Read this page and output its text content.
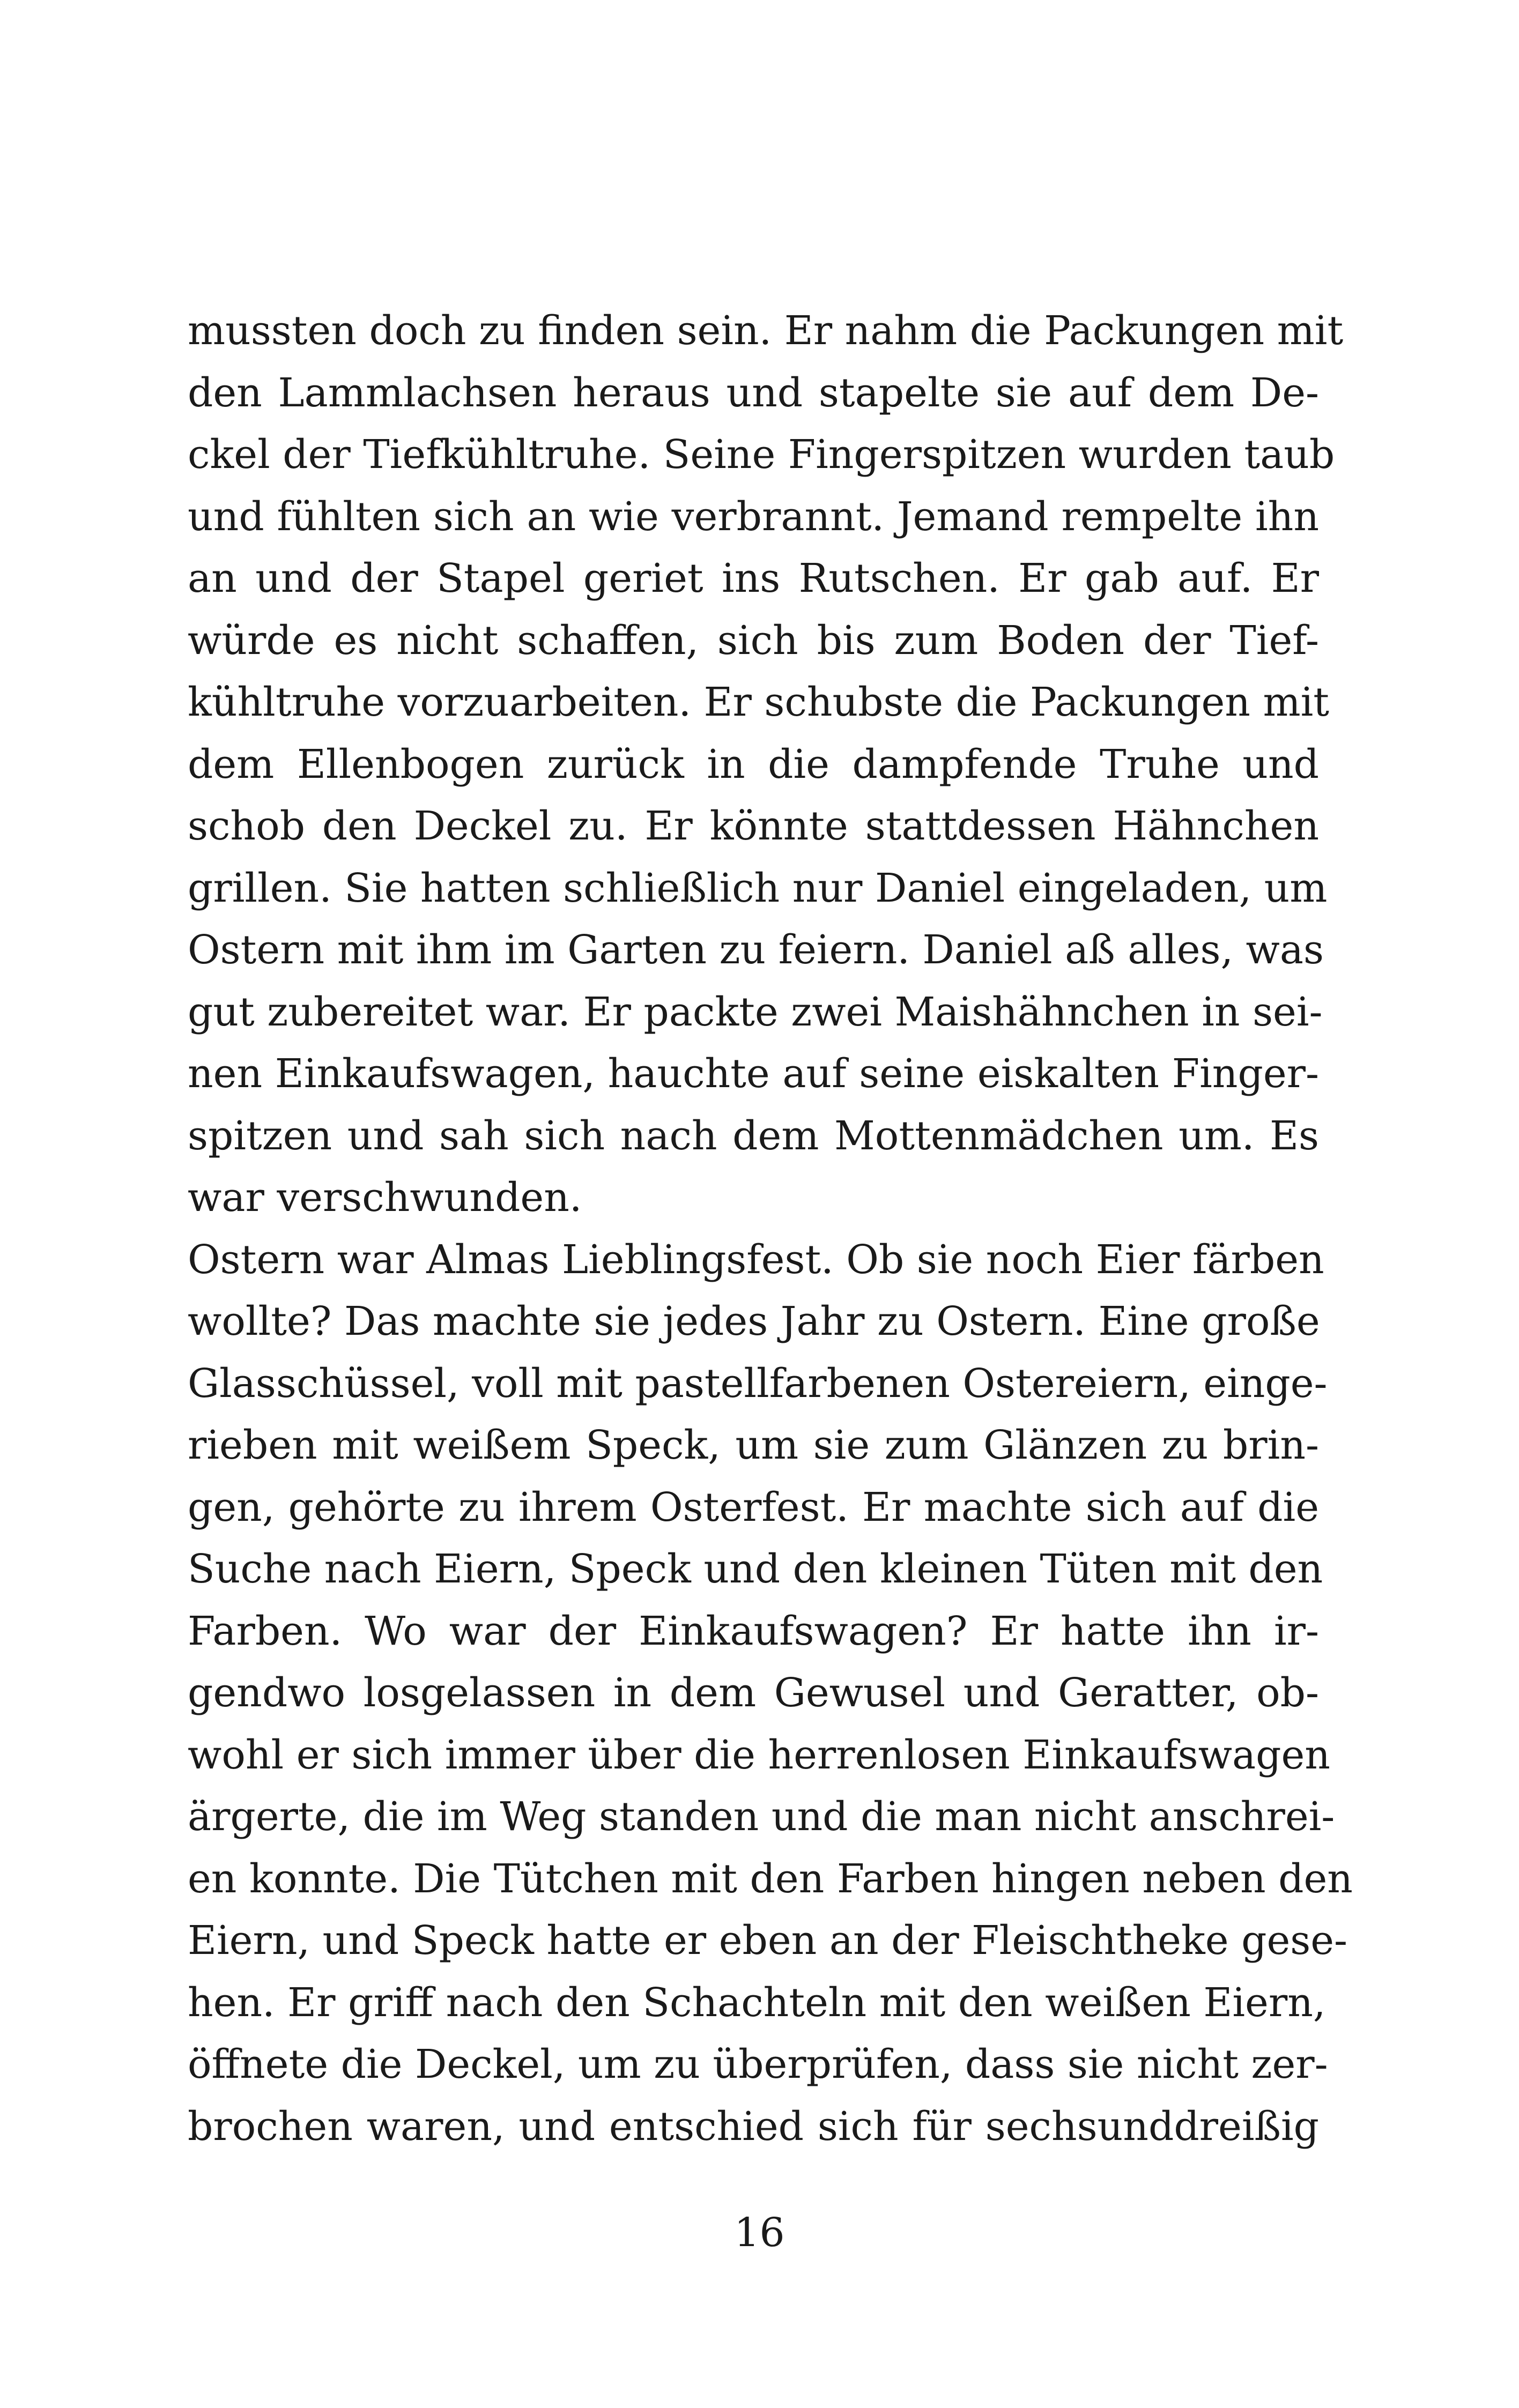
mussten doch zu finden sein. Er nahm die Packungen mit
den Lammlachsen heraus und stapelte sie auf dem De-
ckel der Tiefkühltruhe. Seine Fingerspitzen wurden taub
und fühlten sich an wie verbrannt. Jemand rempelte ihn
an und der Stapel geriet ins Rutschen. Er gab auf. Er
würde es nicht schaffen, sich bis zum Boden der Tief-
kühltruhe vorzuarbeiten. Er schubste die Packungen mit
dem Ellenbogen zurück in die dampfende Truhe und
schob den Deckel zu. Er könnte stattdessen Hähnchen
grillen. Sie hatten schließlich nur Daniel eingeladen, um
Ostern mit ihm im Garten zu feiern. Daniel aß alles, was
gut zubereitet war. Er packte zwei Maishähnchen in sei-
nen Einkaufswagen, hauchte auf seine eiskalten Finger-
spitzen und sah sich nach dem Mottenmädchen um. Es
war verschwunden.
Ostern war Almas Lieblingsfest. Ob sie noch Eier färben
wollte? Das machte sie jedes Jahr zu Ostern. Eine große
Glasschüssel, voll mit pastellfarbenen Ostereiern, einge-
rieben mit weißem Speck, um sie zum Glänzen zu brin-
gen, gehörte zu ihrem Osterfest. Er machte sich auf die
Suche nach Eiern, Speck und den kleinen Tüten mit den
Farben. Wo war der Einkaufswagen? Er hatte ihn ir-
gendwo losgelassen in dem Gewusel und Geratter, ob-
wohl er sich immer über die herrenlosen Einkaufswagen
ärgerte, die im Weg standen und die man nicht anschrei-
en konnte. Die Tütchen mit den Farben hingen neben den
Eiern, und Speck hatte er eben an der Fleischtheke gese-
hen. Er griff nach den Schachteln mit den weißen Eiern,
öffnete die Deckel, um zu überprüfen, dass sie nicht zer-
brochen waren, und entschied sich für sechsunddreißig
16
